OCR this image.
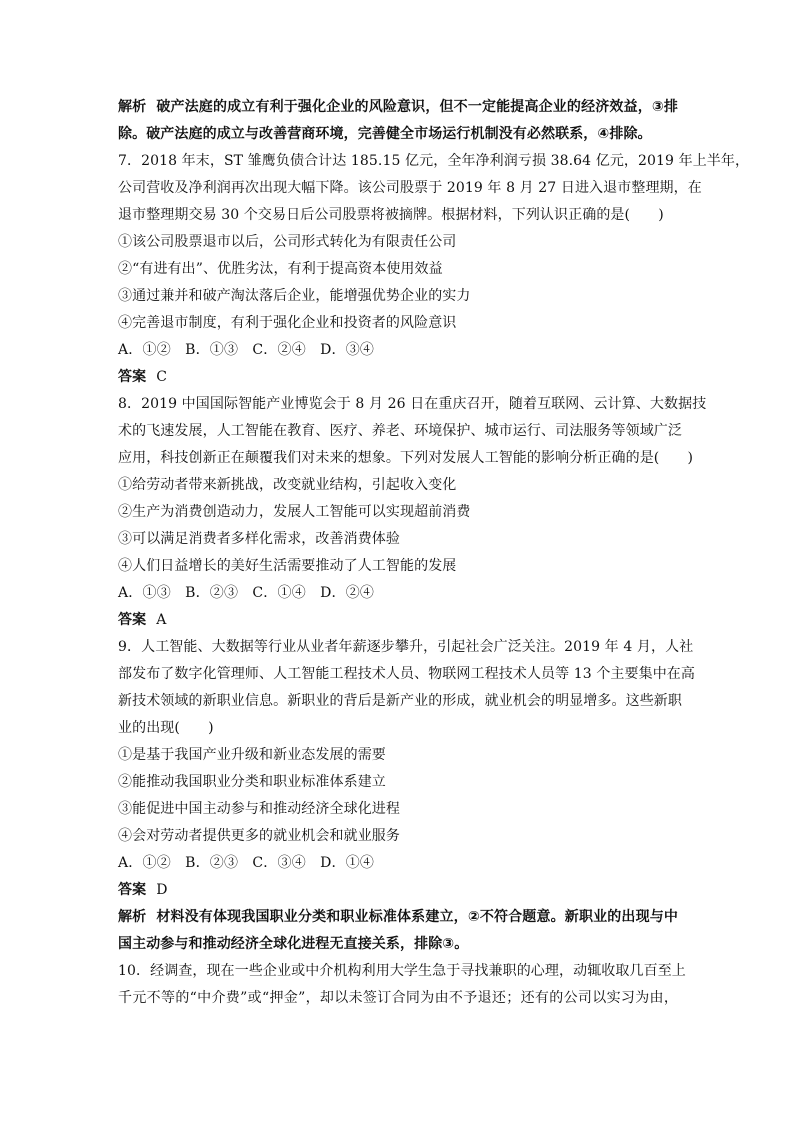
解析 破产法庭的成立有利于强化企业的风险意识，但不一定能提高企业的经济效益，③排
除。破产法庭的成立与改善营商环境，完善健全市场运行机制没有必然联系，④排除。
7．2018 年末，ST 雏鹰负债合计达 185.15 亿元，全年净利润亏损 38.64 亿元，2019 年上半年，
公司营收及净利润再次出现大幅下降。该公司股票于 2019 年 8 月 27 日进入退市整理期，在
退市整理期交易 30 个交易日后公司股票将被摘牌。根据材料，下列认识正确的是(　　)
①该公司股票退市以后，公司形式转化为有限责任公司
②“有进有出”、优胜劣汰，有利于提高资本使用效益
③通过兼并和破产淘汰落后企业，能增强优势企业的实力
④完善退市制度，有利于强化企业和投资者的风险意识
A．①②　B．①③　C．②④　D．③④
答案 C
8．2019 中国国际智能产业博览会于 8 月 26 日在重庆召开，随着互联网、云计算、大数据技
术的飞速发展，人工智能在教育、医疗、养老、环境保护、城市运行、司法服务等领域广泛
应用，科技创新正在颠覆我们对未来的想象。下列对发展人工智能的影响分析正确的是(　　)
①给劳动者带来新挑战，改变就业结构，引起收入变化
②生产为消费创造动力，发展人工智能可以实现超前消费
③可以满足消费者多样化需求，改善消费体验
④人们日益增长的美好生活需要推动了人工智能的发展
A．①③　B．②③　C．①④　D．②④
答案 A
9．人工智能、大数据等行业从业者年薪逐步攀升，引起社会广泛关注。2019 年 4 月，人社
部发布了数字化管理师、人工智能工程技术人员、物联网工程技术人员等 13 个主要集中在高
新技术领域的新职业信息。新职业的背后是新产业的形成，就业机会的明显增多。这些新职
业的出现(　　)
①是基于我国产业升级和新业态发展的需要
②能推动我国职业分类和职业标准体系建立
③能促进中国主动参与和推动经济全球化进程
④会对劳动者提供更多的就业机会和就业服务
A．①②　B．②③　C．③④　D．①④
答案 D
解析 材料没有体现我国职业分类和职业标准体系建立，②不符合题意。新职业的出现与中
国主动参与和推动经济全球化进程无直接关系，排除③。
10．经调查，现在一些企业或中介机构利用大学生急于寻找兼职的心理，动辄收取几百至上
千元不等的“中介费”或“押金”，却以未签订合同为由不予退还；还有的公司以实习为由，
